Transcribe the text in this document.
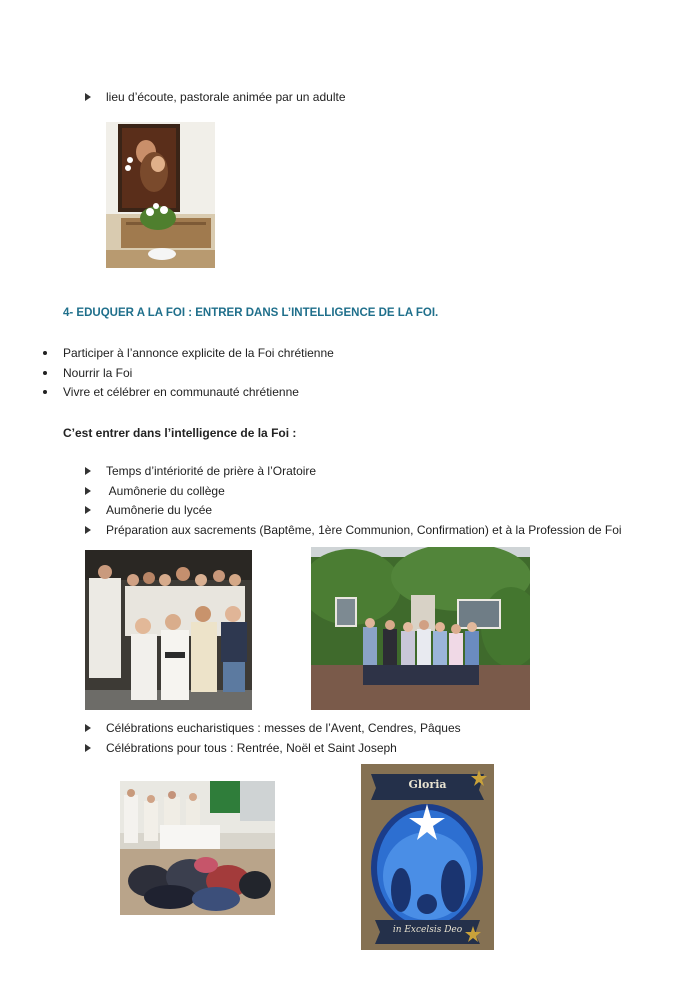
lieu d’écoute, pastorale animée par un adulte
4- EDUQUER A LA FOI : ENTRER DANS L’INTELLIGENCE DE LA FOI.
Participer à l’annonce explicite de la Foi chrétienne
Nourrir la Foi
Vivre et célébrer en communauté chrétienne
C’est entrer dans l’intelligence de la Foi :
Temps d’intériorité de prière à l’Oratoire
Aumônerie du collège
Aumônerie du lycée
Préparation aux sacrements (Baptême, 1ère Communion, Confirmation) et à la Profession de Foi
Célébrations eucharistiques : messes de l’Avent, Cendres, Pâques
Célébrations pour tous : Rentrée, Noël et Saint Joseph
Gloria
in Excelsis Deo
